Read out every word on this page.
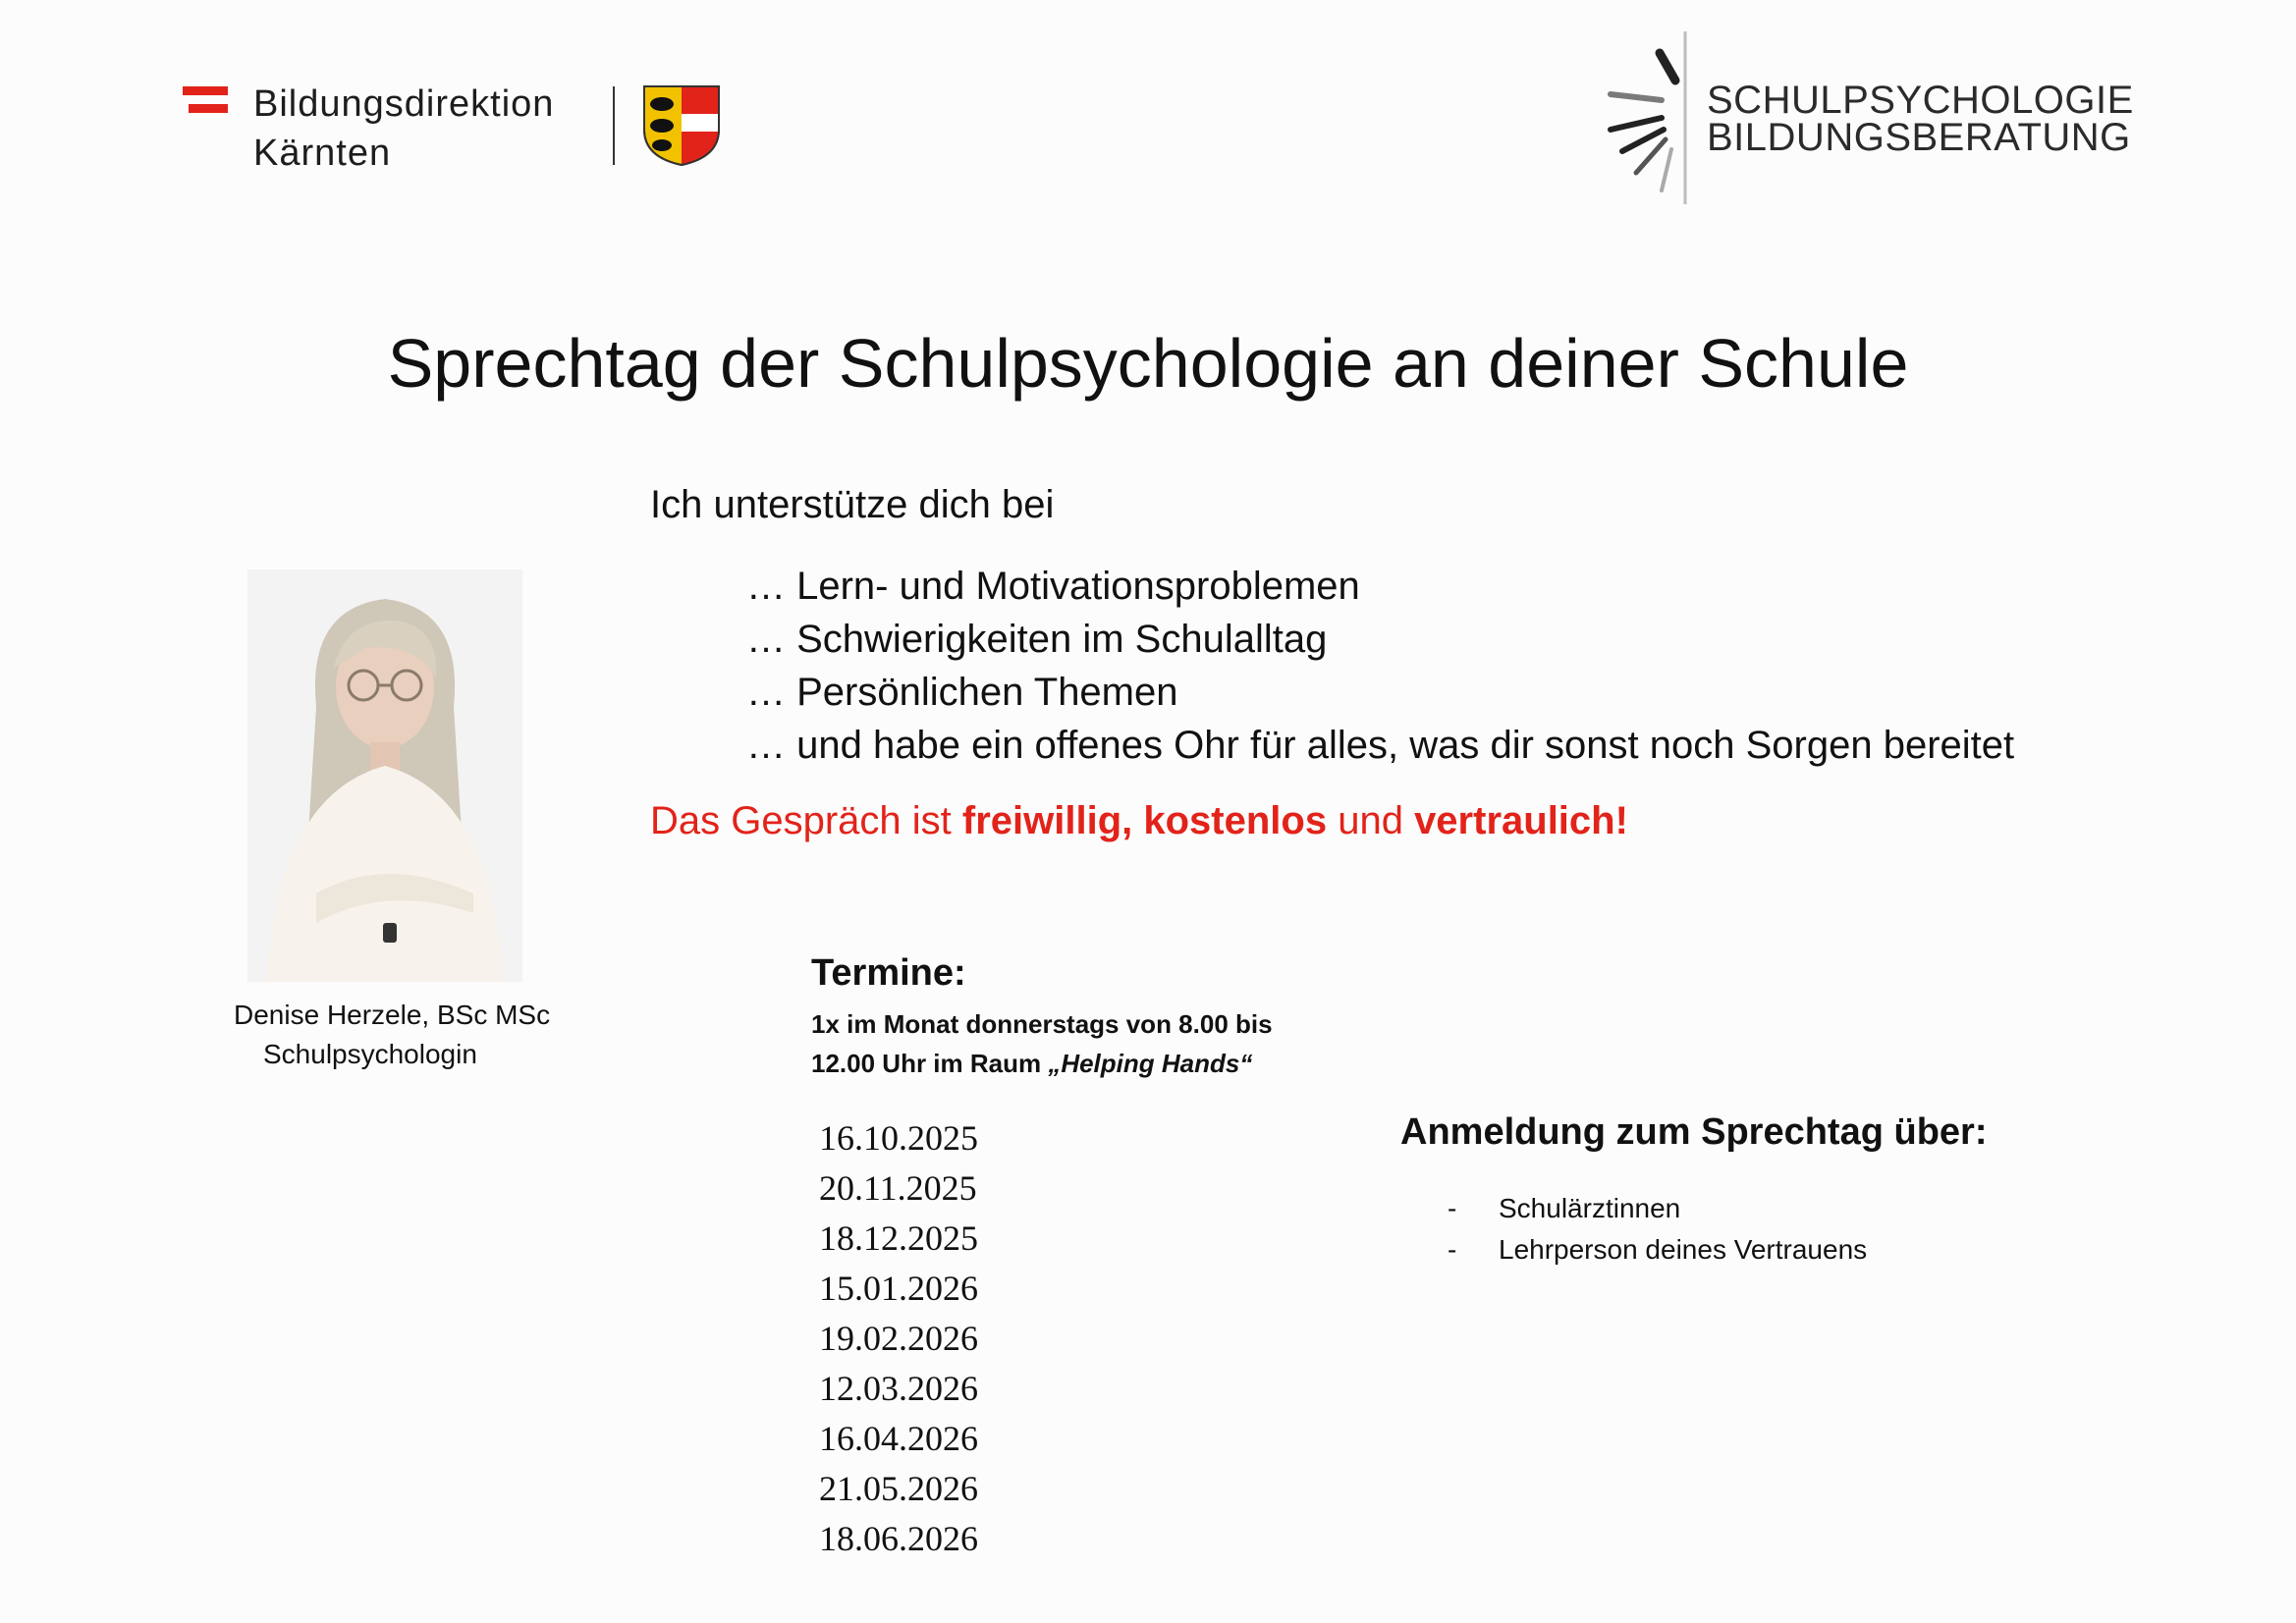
Bildungsdirektion
Kärnten
SCHULPSYCHOLOGIE
BILDUNGSBERATUNG
Sprechtag der Schulpsychologie an deiner Schule
Ich unterstütze dich bei
… Lern- und Motivationsproblemen
… Schwierigkeiten im Schulalltag
… Persönlichen Themen
… und habe ein offenes Ohr für alles, was dir sonst noch Sorgen bereitet
Das Gespräch ist freiwillig, kostenlos und vertraulich!
Denise Herzele, BSc MSc
Schulpsychologin
Termine:
1x im Monat donnerstags von 8.00 bis
12.00 Uhr im Raum „Helping Hands“
16.10.2025
20.11.2025
18.12.2025
15.01.2026
19.02.2026
12.03.2026
16.04.2026
21.05.2026
18.06.2026
Anmeldung zum Sprechtag über:
- Schulärztinnen
- Lehrperson deines Vertrauens
